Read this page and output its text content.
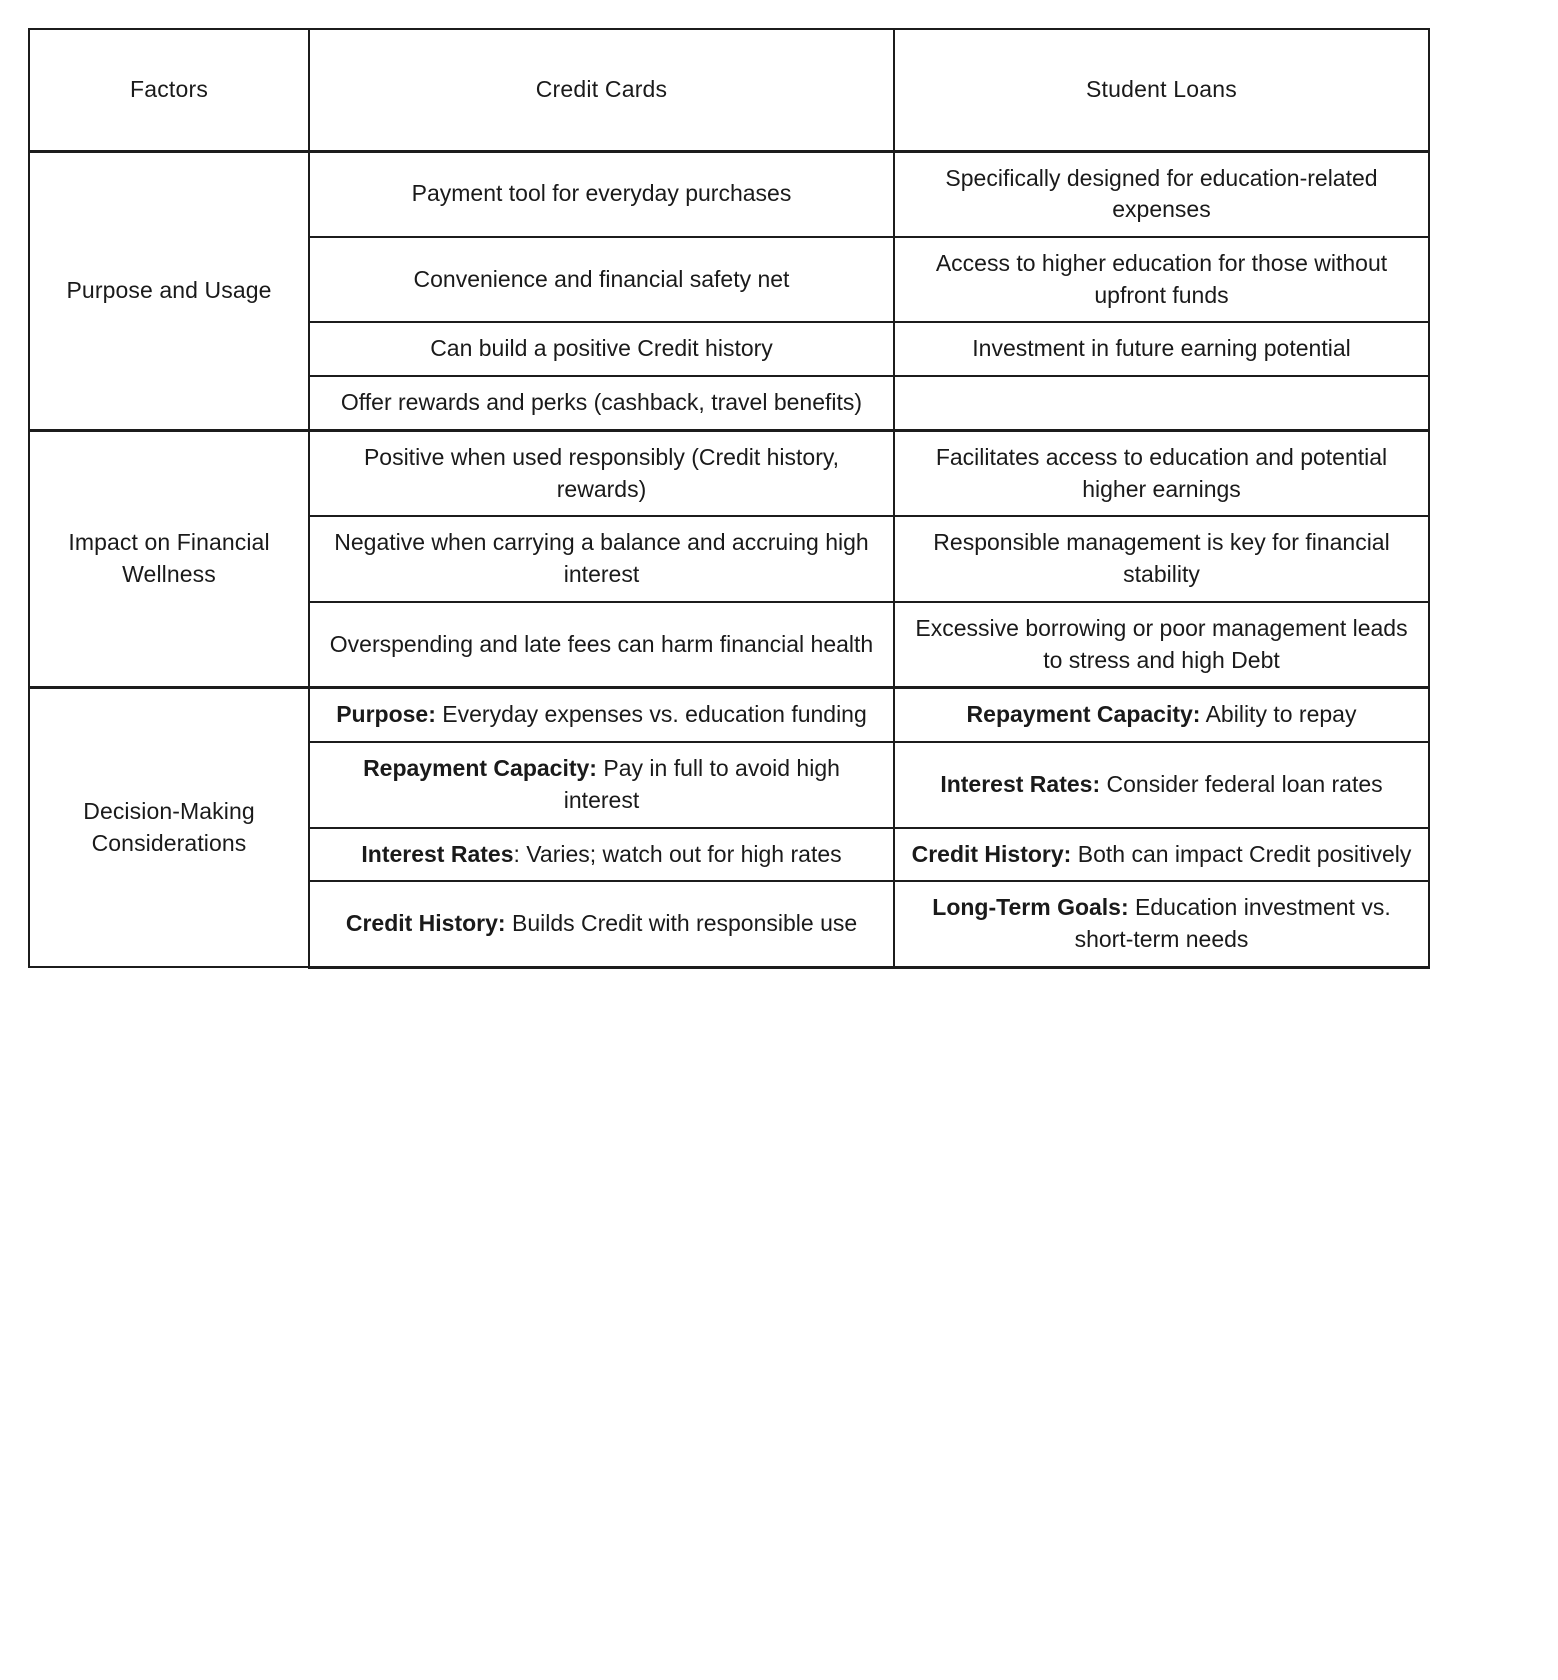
Factors	Credit Cards	Student Loans
Purpose and Usage	Payment tool for everyday purchases	Specifically designed for education-related expenses
	Convenience and financial safety net	Access to higher education for those without upfront funds
	Can build a positive Credit history	Investment in future earning potential
	Offer rewards and perks (cashback, travel benefits)	
Impact on Financial Wellness	Positive when used responsibly (Credit history, rewards)	Facilitates access to education and potential higher earnings
	Negative when carrying a balance and accruing high interest	Responsible management is key for financial stability
	Overspending and late fees can harm financial health	Excessive borrowing or poor management leads to stress and high Debt
Decision-Making Considerations	Purpose: Everyday expenses vs. education funding	Repayment Capacity: Ability to repay

	Repayment Capacity: Pay in full to avoid high interest	Interest Rates: Consider federal loan rates

	Interest Rates: Varies; watch out for high rates	Credit History: Both can impact Credit positively

	Credit History: Builds Credit with responsible use	Long-Term Goals: Education investment vs. short-term needs
